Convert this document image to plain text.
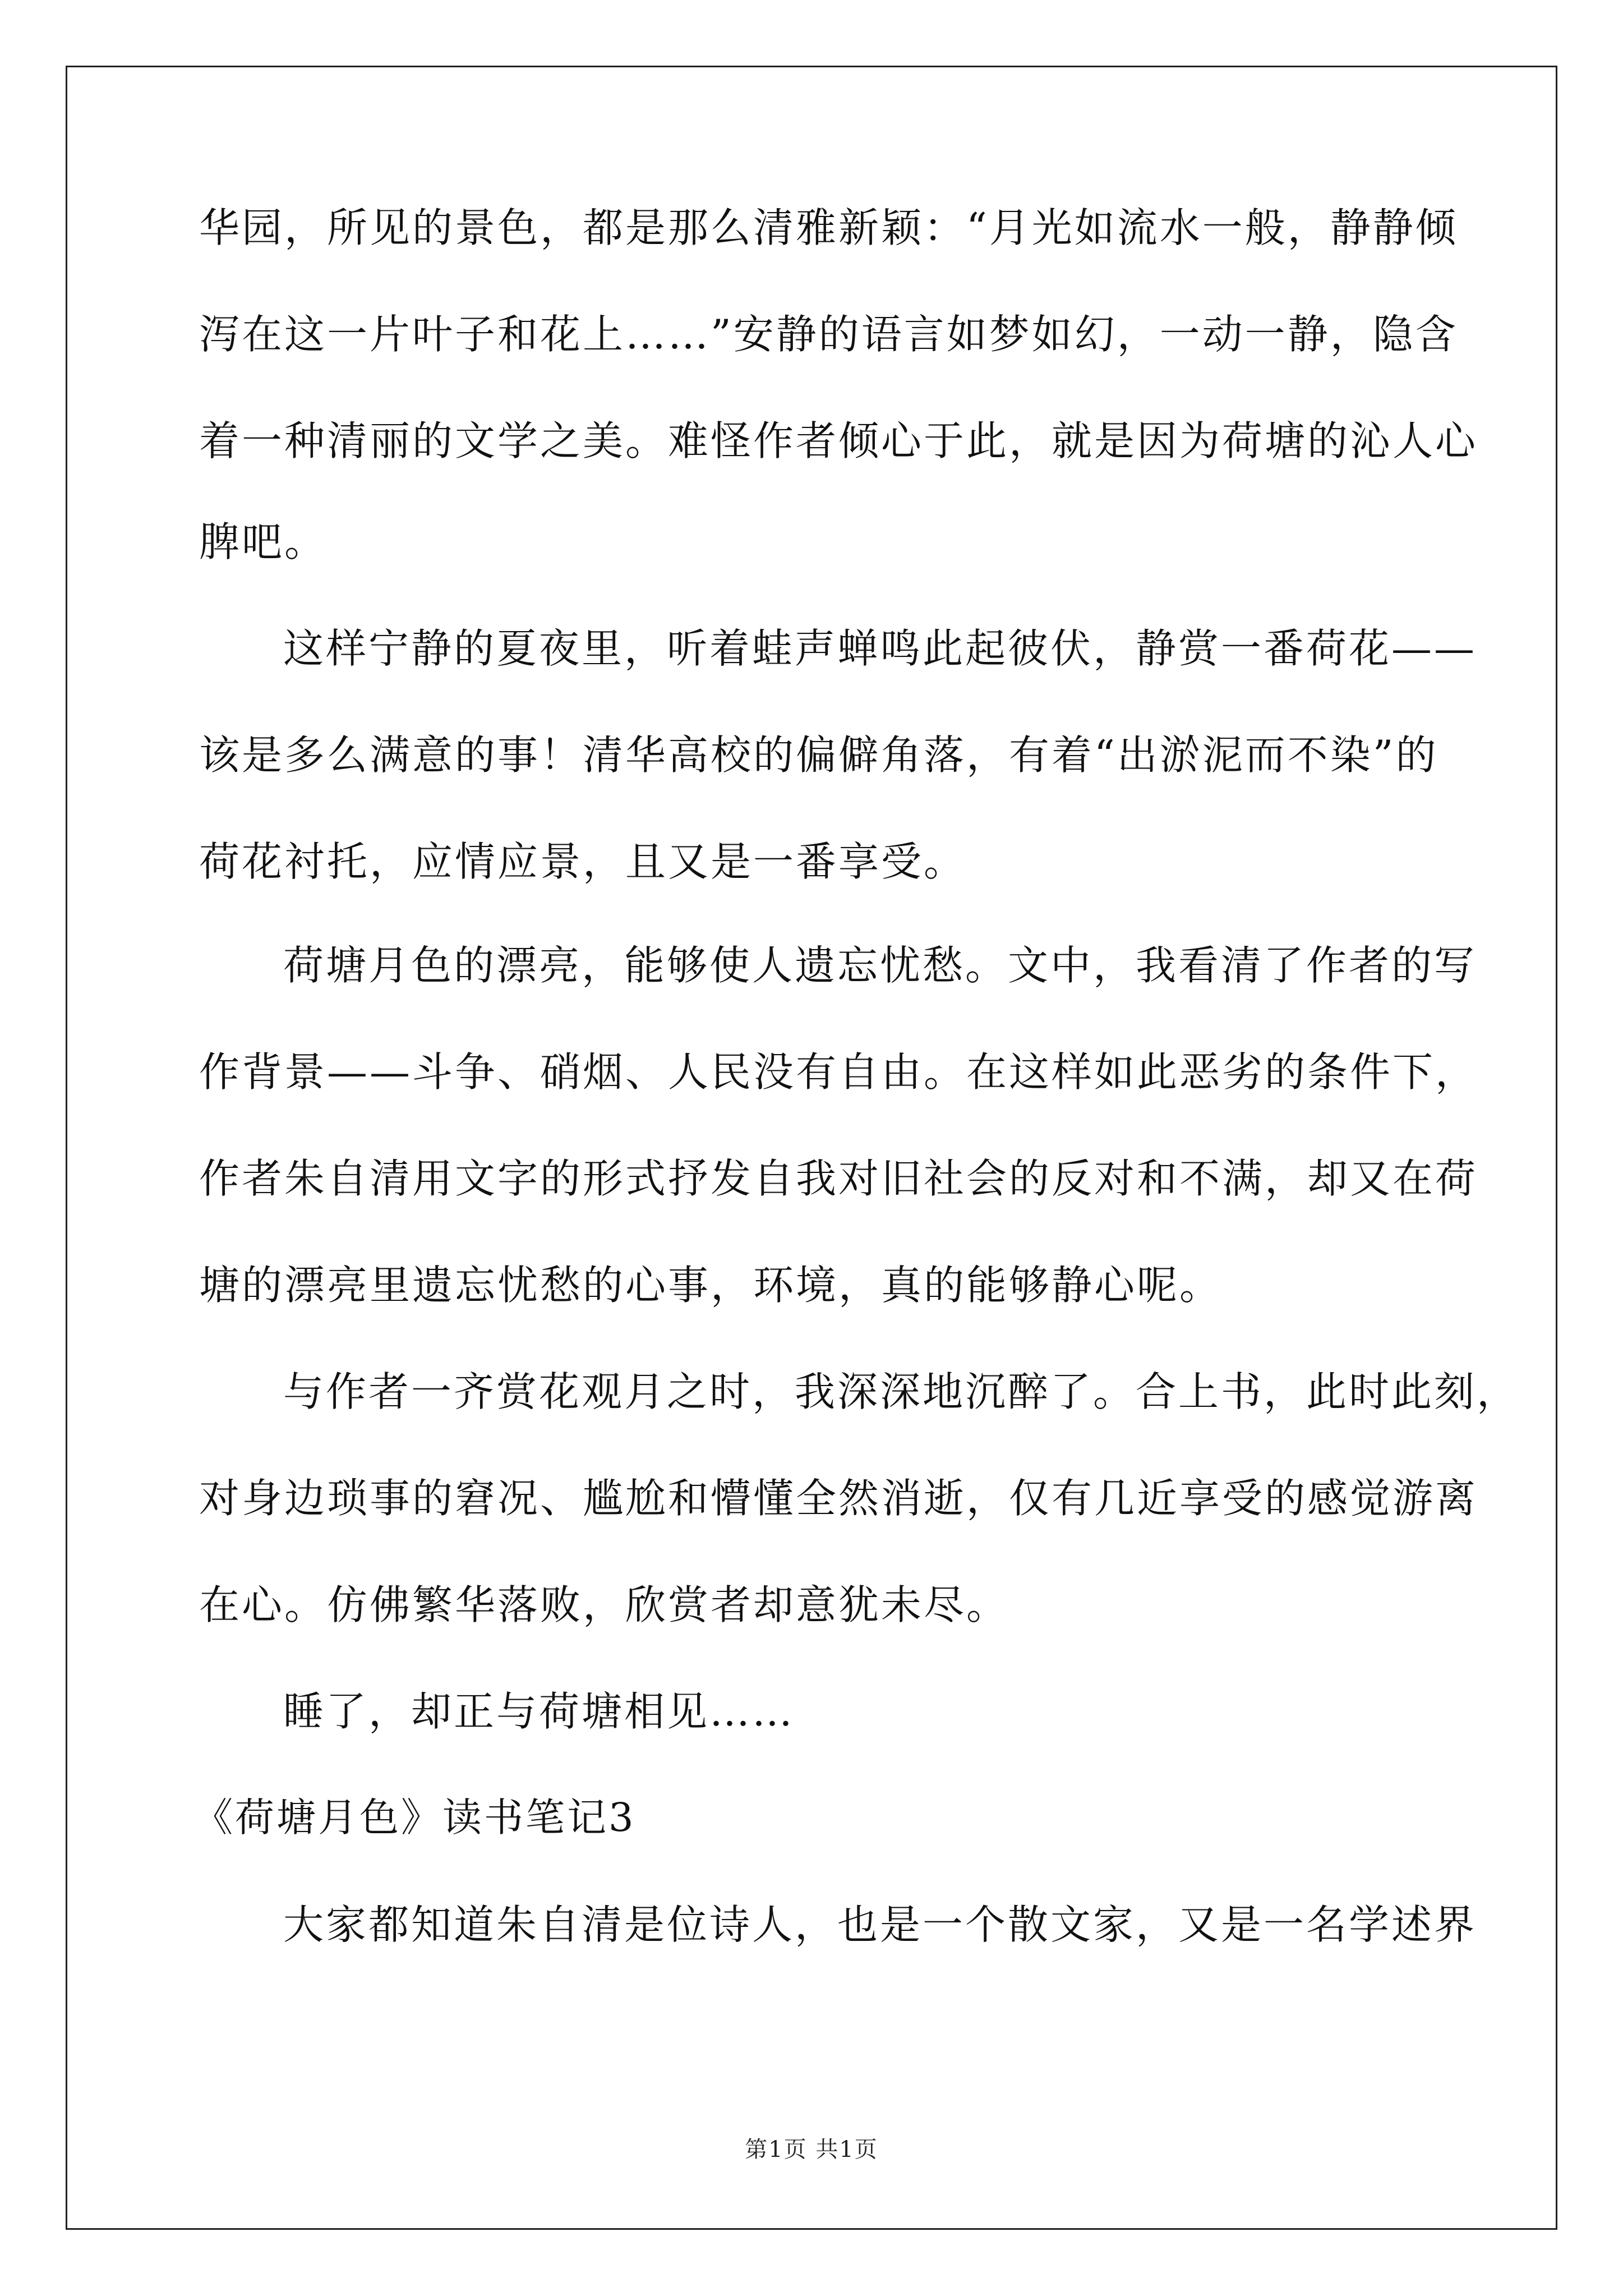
华园，所见的景色，都是那么清雅新颖：“月光如流水一般，静静倾
泻在这一片叶子和花上……”安静的语言如梦如幻，一动一静，隐含
着一种清丽的文学之美。难怪作者倾心于此，就是因为荷塘的沁人心
脾吧。
这样宁静的夏夜里，听着蛙声蝉鸣此起彼伏，静赏一番荷花——
该是多么满意的事！清华高校的偏僻角落，有着“出淤泥而不染”的
荷花衬托，应情应景，且又是一番享受。
荷塘月色的漂亮，能够使人遗忘忧愁。文中，我看清了作者的写
作背景——斗争、硝烟、人民没有自由。在这样如此恶劣的条件下，
作者朱自清用文字的形式抒发自我对旧社会的反对和不满，却又在荷
塘的漂亮里遗忘忧愁的心事，环境，真的能够静心呢。
与作者一齐赏花观月之时，我深深地沉醉了。合上书，此时此刻，
对身边琐事的窘况、尴尬和懵懂全然消逝，仅有几近享受的感觉游离
在心。仿佛繁华落败，欣赏者却意犹未尽。
睡了，却正与荷塘相见……
《荷塘月色》读书笔记3
大家都知道朱自清是位诗人，也是一个散文家，又是一名学述界
第1页 共1页
